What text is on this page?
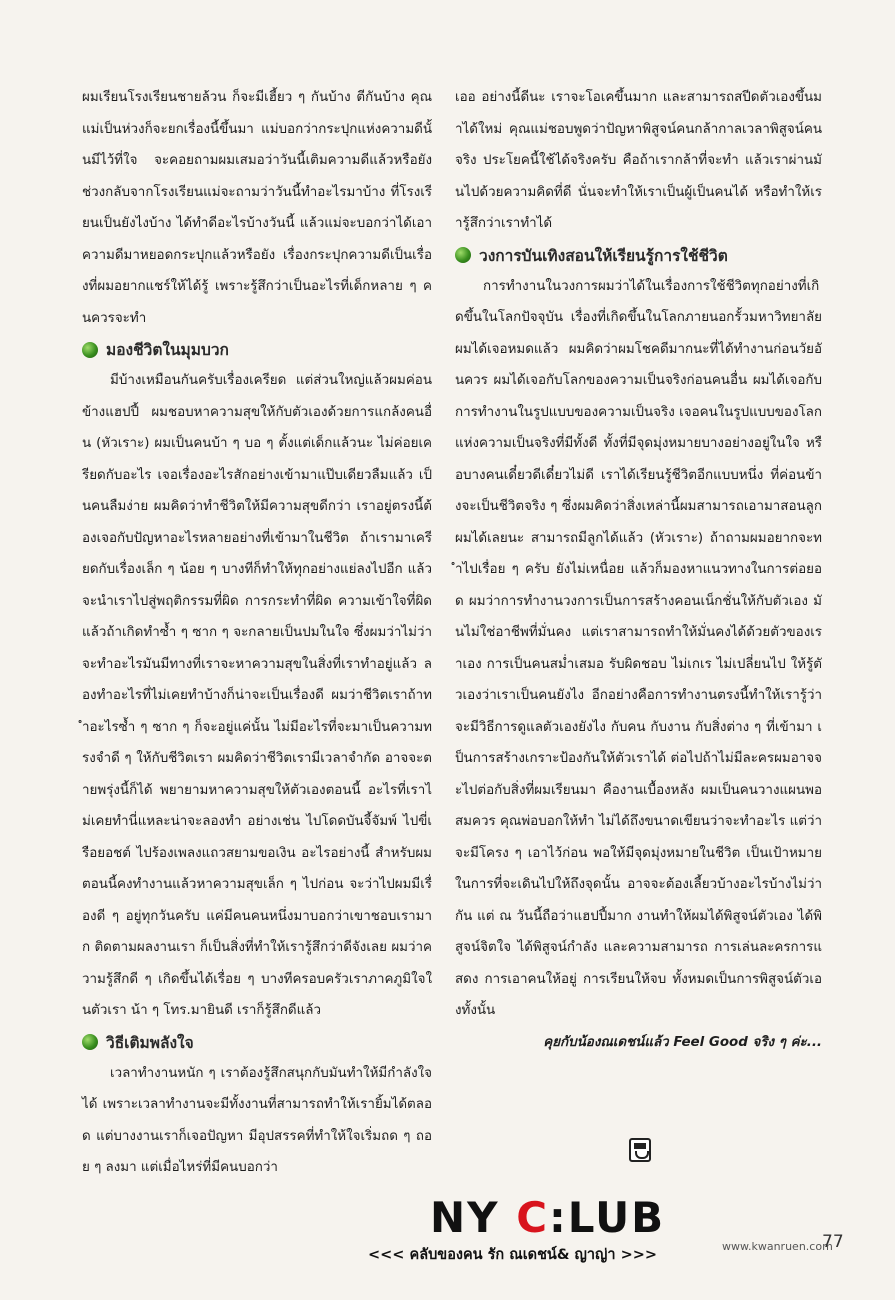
ผมเรียนโรงเรียนชายล้วน ก็จะมีเฮี้ยว ๆ กันบ้าง ตีกันบ้าง คุณแม่เป็นห่วงก็จะยกเรื่องนี้ขึ้นมา แม่บอกว่ากระปุกแห่งความดีนั้นมีไว้ที่ใจ จะคอยถามผมเสมอว่าวันนี้เติมความดีแล้วหรือยัง ช่วงกลับจากโรงเรียนแม่จะถามว่าวันนี้ทำอะไรมาบ้าง ที่โรงเรียนเป็นยังไงบ้าง ได้ทำดีอะไรบ้างวันนี้ แล้วแม่จะบอกว่าได้เอาความดีมาหยอดกระปุกแล้วหรือยัง เรื่องกระปุกความดีเป็นเรื่องที่ผมอยากแชร์ให้ได้รู้ เพราะรู้สึกว่าเป็นอะไรที่เด็กหลาย ๆ คนควรจะทำ

มองชีวิตในมุมบวก

มีบ้างเหมือนกันครับเรื่องเครียด แต่ส่วนใหญ่แล้วผมค่อนข้างแฮปปี้ ผมชอบหาความสุขให้กับตัวเองด้วยการแกล้งคนอื่น (หัวเราะ) ผมเป็นคนบ้า ๆ บอ ๆ ตั้งแต่เด็กแล้วนะ ไม่ค่อยเครียดกับอะไร เจอเรื่องอะไรสักอย่างเข้ามาแป๊บเดียวลืมแล้ว เป็นคนลืมง่าย ผมคิดว่าทำชีวิตให้มีความสุขดีกว่า เราอยู่ตรงนี้ต้องเจอกับปัญหาอะไรหลายอย่างที่เข้ามาในชีวิต ถ้าเรามาเครียดกับเรื่องเล็ก ๆ น้อย ๆ บางทีก็ทำให้ทุกอย่างแย่ลงไปอีก แล้วจะนำเราไปสู่พฤติกรรมที่ผิด การกระทำที่ผิด ความเข้าใจที่ผิด แล้วถ้าเกิดทำซ้ำ ๆ ซาก ๆ จะกลายเป็นปมในใจ ซึ่งผมว่าไม่ว่าจะทำอะไรมันมีทางที่เราจะหาความสุขในสิ่งที่เราทำอยู่แล้ว ลองทำอะไรที่ไม่เคยทำบ้างก็น่าจะเป็นเรื่องดี ผมว่าชีวิตเราถ้าทำอะไรซ้ำ ๆ ซาก ๆ ก็จะอยู่แค่นั้น ไม่มีอะไรที่จะมาเป็นความทรงจำดี ๆ ให้กับชีวิตเรา ผมคิดว่าชีวิตเรามีเวลาจำกัด อาจจะตายพรุ่งนี้ก็ได้ พยายามหาความสุขให้ตัวเองตอนนี้ อะไรที่เราไม่เคยทำนี่แหละน่าจะลองทำ อย่างเช่น ไปโดดบันจี้จัมพ์ ไปขี่เรือยอชต์ ไปร้องเพลงแถวสยามขอเงิน อะไรอย่างนี้ สำหรับผมตอนนี้คงทำงานแล้วหาความสุขเล็ก ๆ ไปก่อน จะว่าไปผมมีเรื่องดี ๆ อยู่ทุกวันครับ แค่มีคนคนหนึ่งมาบอกว่าเขาชอบเรามาก ติดตามผลงานเรา ก็เป็นสิ่งที่ทำให้เรารู้สึกว่าดีจังเลย ผมว่าความรู้สึกดี ๆ เกิดขึ้นได้เรื่อย ๆ บางทีครอบครัวเราภาคภูมิใจในตัวเรา น้า ๆ โทร.มายินดี เราก็รู้สึกดีแล้ว

วิธีเติมพลังใจ

เวลาทำงานหนัก ๆ เราต้องรู้สึกสนุกกับมันทำให้มีกำลังใจได้ เพราะเวลาทำงานจะมีทั้งงานที่สามารถทำให้เรายิ้มได้ตลอด แต่บางงานเราก็เจอปัญหา มีอุปสรรคที่ทำให้ใจเริ่มถด ๆ ถอย ๆ ลงมา แต่เมื่อไหร่ที่มีคนบอกว่า

เออ อย่างนี้ดีนะ เราจะโอเคขึ้นมาก และสามารถสปีดตัวเองขึ้นมาได้ใหม่ คุณแม่ชอบพูดว่าปัญหาพิสูจน์คนกล้ากาลเวลาพิสูจน์คนจริง ประโยคนี้ใช้ได้จริงครับ คือถ้าเรากล้าที่จะทำ แล้วเราผ่านมันไปด้วยความคิดที่ดี นั่นจะทำให้เราเป็นผู้เป็นคนได้ หรือทำให้เรารู้สึกว่าเราทำได้

วงการบันเทิงสอนให้เรียนรู้การใช้ชีวิต

การทำงานในวงการผมว่าได้ในเรื่องการใช้ชีวิตทุกอย่างที่เกิดขึ้นในโลกปัจจุบัน เรื่องที่เกิดขึ้นในโลกภายนอกรั้วมหาวิทยาลัยผมได้เจอหมดแล้ว ผมคิดว่าผมโชคดีมากนะที่ได้ทำงานก่อนวัยอันควร ผมได้เจอกับโลกของความเป็นจริงก่อนคนอื่น ผมได้เจอกับการทำงานในรูปแบบของความเป็นจริง เจอคนในรูปแบบของโลกแห่งความเป็นจริงที่มีทั้งดี ทั้งที่มีจุดมุ่งหมายบางอย่างอยู่ในใจ หรือบางคนเดี๋ยวดีเดี๋ยวไม่ดี เราได้เรียนรู้ชีวิตอีกแบบหนึ่ง ที่ค่อนข้างจะเป็นชีวิตจริง ๆ ซึ่งผมคิดว่าสิ่งเหล่านี้ผมสามารถเอามาสอนลูกผมได้เลยนะ สามารถมีลูกได้แล้ว (หัวเราะ) ถ้าถามผมอยากจะทำไปเรื่อย ๆ ครับ ยังไม่เหนื่อย แล้วก็มองหาแนวทางในการต่อยอด ผมว่าการทำงานวงการเป็นการสร้างคอนเน็กชั่นให้กับตัวเอง มันไม่ใช่อาชีพที่มั่นคง แต่เราสามารถทำให้มั่นคงได้ด้วยตัวของเราเอง การเป็นคนสม่ำเสมอ รับผิดชอบ ไม่เกเร ไม่เปลี่ยนไป ให้รู้ตัวเองว่าเราเป็นคนยังไง อีกอย่างคือการทำงานตรงนี้ทำให้เรารู้ว่าจะมีวิธีการดูแลตัวเองยังไง กับคน กับงาน กับสิ่งต่าง ๆ ที่เข้ามา เป็นการสร้างเกราะป้องกันให้ตัวเราได้ ต่อไปถ้าไม่มีละครผมอาจจะไปต่อกับสิ่งที่ผมเรียนมา คืองานเบื้องหลัง ผมเป็นคนวางแผนพอสมควร คุณพ่อบอกให้ทำ ไม่ได้ถึงขนาดเขียนว่าจะทำอะไร แต่ว่าจะมีโครง ๆ เอาไว้ก่อน พอให้มีจุดมุ่งหมายในชีวิต เป็นเป้าหมายในการที่จะเดินไปให้ถึงจุดนั้น อาจจะต้องเลี้ยวบ้างอะไรบ้างไม่ว่ากัน แต่ ณ วันนี้ถือว่าแฮปปี้มาก งานทำให้ผมได้พิสูจน์ตัวเอง ได้พิสูจน์จิตใจ ได้พิสูจน์กำลัง และความสามารถ การเล่นละครการแสดง การเอาคนให้อยู่ การเรียนให้จบ ทั้งหมดเป็นการพิสูจน์ตัวเองทั้งนั้น

คุยกับน้องณเดชน์แล้ว Feel Good จริง ๆ ค่ะ...

NY C:LUB
<<< คลับของคน รัก ณเดชน์& ญาญ่า >>>
www.kwanruen.com
77
